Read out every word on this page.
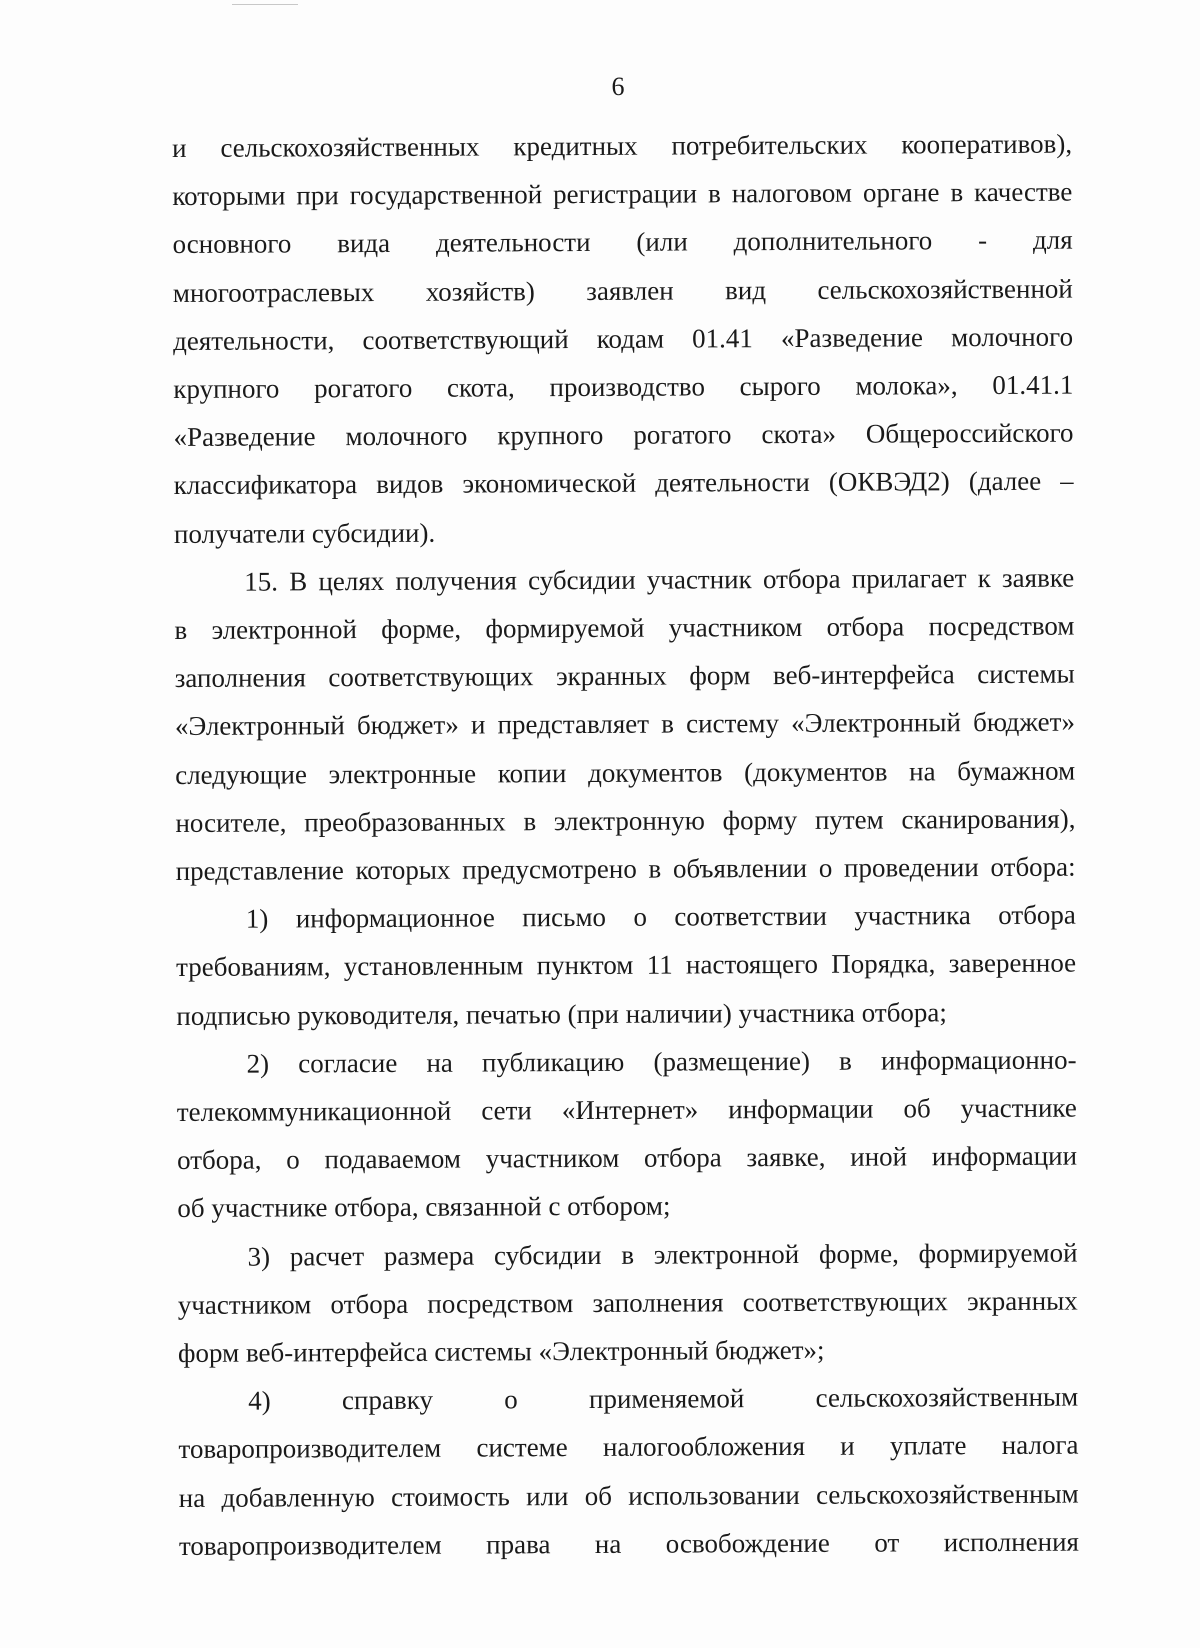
6
и сельскохозяйственных кредитных потребительских кооперативов),
которыми при государственной регистрации в налоговом органе в качестве
основного вида деятельности (или дополнительного - для
многоотраслевых хозяйств) заявлен вид сельскохозяйственной
деятельности, соответствующий кодам 01.41 «Разведение молочного
крупного рогатого скота, производство сырого молока», 01.41.1
«Разведение молочного крупного рогатого скота» Общероссийского
классификатора видов экономической деятельности (ОКВЭД2) (далее –
получатели субсидии).
15. В целях получения субсидии участник отбора прилагает к заявке
в электронной форме, формируемой участником отбора посредством
заполнения соответствующих экранных форм веб-интерфейса системы
«Электронный бюджет» и представляет в систему «Электронный бюджет»
следующие электронные копии документов (документов на бумажном
носителе, преобразованных в электронную форму путем сканирования),
представление которых предусмотрено в объявлении о проведении отбора:
1) информационное письмо о соответствии участника отбора
требованиям, установленным пунктом 11 настоящего Порядка, заверенное
подписью руководителя, печатью (при наличии) участника отбора;
2) согласие на публикацию (размещение) в информационно-
телекоммуникационной сети «Интернет» информации об участнике
отбора, о подаваемом участником отбора заявке, иной информации
об участнике отбора, связанной с отбором;
3) расчет размера субсидии в электронной форме, формируемой
участником отбора посредством заполнения соответствующих экранных
форм веб-интерфейса системы «Электронный бюджет»;
4) справку о применяемой сельскохозяйственным
товаропроизводителем системе налогообложения и уплате налога
на добавленную стоимость или об использовании сельскохозяйственным
товаропроизводителем права на освобождение от исполнения
